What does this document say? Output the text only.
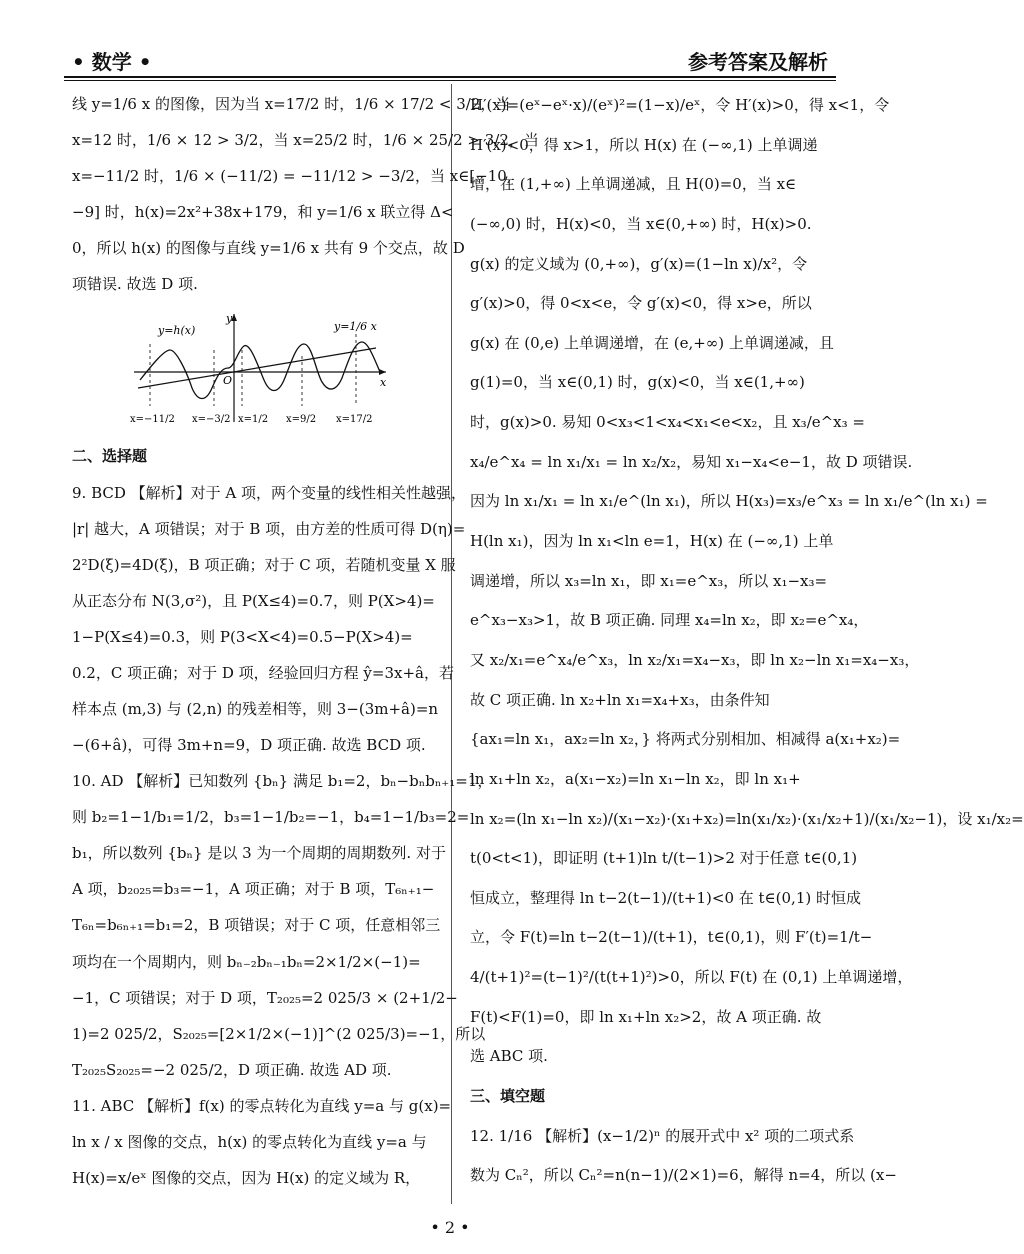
• 数学 •	参考答案及解析

线 y=1/6 x 的图像，因为当 x=17/2 时，1/6 × 17/2 < 3/2，当

x=12 时，1/6 × 12 > 3/2，当 x=25/2 时，1/6 × 25/2 > 3/2，当

x=−11/2 时，1/6 × (−11/2) = −11/12 > −3/2，当 x∈[−10,

−9] 时，h(x)=2x²+38x+179，和 y=1/6 x 联立得 Δ<

0，所以 h(x) 的图像与直线 y=1/6 x 共有 9 个交点，故 D

项错误. 故选 D 项.

y
x
O
y=h(x)	y=1/6 x
x=−11/2 x=−3/2 x=1/2 x=9/2 x=17/2

二、选择题

9. BCD 【解析】对于 A 项，两个变量的线性相关性越强，

|r| 越大，A 项错误；对于 B 项，由方差的性质可得 D(η)=

2²D(ξ)=4D(ξ)，B 项正确；对于 C 项，若随机变量 X 服

从正态分布 N(3,σ²)，且 P(X≤4)=0.7，则 P(X>4)=

1−P(X≤4)=0.3，则 P(3<X<4)=0.5−P(X>4)=

0.2，C 项正确；对于 D 项，经验回归方程 ŷ=3x+â，若

样本点 (m,3) 与 (2,n) 的残差相等，则 3−(3m+â)=n

−(6+â)，可得 3m+n=9，D 项正确. 故选 BCD 项.

10. AD 【解析】已知数列 {bₙ} 满足 b₁=2，bₙ−bₙbₙ₊₁=1，

则 b₂=1−1/b₁=1/2，b₃=1−1/b₂=−1，b₄=1−1/b₃=2=

b₁，所以数列 {bₙ} 是以 3 为一个周期的周期数列. 对于

A 项，b₂₀₂₅=b₃=−1，A 项正确；对于 B 项，T₆ₙ₊₁−

T₆ₙ=b₆ₙ₊₁=b₁=2，B 项错误；对于 C 项，任意相邻三

项均在一个周期内，则 bₙ₋₂bₙ₋₁bₙ=2×1/2×(−1)=

−1，C 项错误；对于 D 项，T₂₀₂₅=2 025/3 × (2+1/2−

1)=2 025/2，S₂₀₂₅=[2×1/2×(−1)]^(2 025/3)=−1，所以

T₂₀₂₅S₂₀₂₅=−2 025/2，D 项正确. 故选 AD 项.

11. ABC 【解析】f(x) 的零点转化为直线 y=a 与 g(x)=

ln x / x 图像的交点，h(x) 的零点转化为直线 y=a 与

H(x)=x/eˣ 图像的交点，因为 H(x) 的定义域为 R，

H′(x)=(eˣ−eˣ·x)/(eˣ)²=(1−x)/eˣ，令 H′(x)>0，得 x<1，令

H′(x)<0，得 x>1，所以 H(x) 在 (−∞,1) 上单调递

增，在 (1,+∞) 上单调递减，且 H(0)=0，当 x∈

(−∞,0) 时，H(x)<0，当 x∈(0,+∞) 时，H(x)>0.

g(x) 的定义域为 (0,+∞)，g′(x)=(1−ln x)/x²，令

g′(x)>0，得 0<x<e，令 g′(x)<0，得 x>e，所以

g(x) 在 (0,e) 上单调递增，在 (e,+∞) 上单调递减，且

g(1)=0，当 x∈(0,1) 时，g(x)<0，当 x∈(1,+∞)

时，g(x)>0. 易知 0<x₃<1<x₄<x₁<e<x₂，且 x₃/e^x₃ =

x₄/e^x₄ = ln x₁/x₁ = ln x₂/x₂，易知 x₁−x₄<e−1，故 D 项错误.

因为 ln x₁/x₁ = ln x₁/e^(ln x₁)，所以 H(x₃)=x₃/e^x₃ = ln x₁/e^(ln x₁) =

H(ln x₁)，因为 ln x₁<ln e=1，H(x) 在 (−∞,1) 上单

调递增，所以 x₃=ln x₁，即 x₁=e^x₃，所以 x₁−x₃=

e^x₃−x₃>1，故 B 项正确. 同理 x₄=ln x₂，即 x₂=e^x₄，

又 x₂/x₁=e^x₄/e^x₃，ln x₂/x₁=x₄−x₃，即 ln x₂−ln x₁=x₄−x₃，

故 C 项正确. ln x₂+ln x₁=x₄+x₃，由条件知

{ax₁=ln x₁，ax₂=ln x₂，} 将两式分别相加、相减得 a(x₁+x₂)=

ln x₁+ln x₂，a(x₁−x₂)=ln x₁−ln x₂，即 ln x₁+

ln x₂=(ln x₁−ln x₂)/(x₁−x₂)·(x₁+x₂)=ln(x₁/x₂)·(x₁/x₂+1)/(x₁/x₂−1)，设 x₁/x₂=

t(0<t<1)，即证明 (t+1)ln t/(t−1)>2 对于任意 t∈(0,1)

恒成立，整理得 ln t−2(t−1)/(t+1)<0 在 t∈(0,1) 时恒成

立，令 F(t)=ln t−2(t−1)/(t+1)，t∈(0,1)，则 F′(t)=1/t−

4/(t+1)²=(t−1)²/(t(t+1)²)>0，所以 F(t) 在 (0,1) 上单调递增，

F(t)<F(1)=0，即 ln x₁+ln x₂>2，故 A 项正确. 故

选 ABC 项.

三、填空题

12. 1/16 【解析】(x−1/2)ⁿ 的展开式中 x² 项的二项式系

数为 Cₙ²，所以 Cₙ²=n(n−1)/(2×1)=6，解得 n=4，所以 (x−

• 2 •
